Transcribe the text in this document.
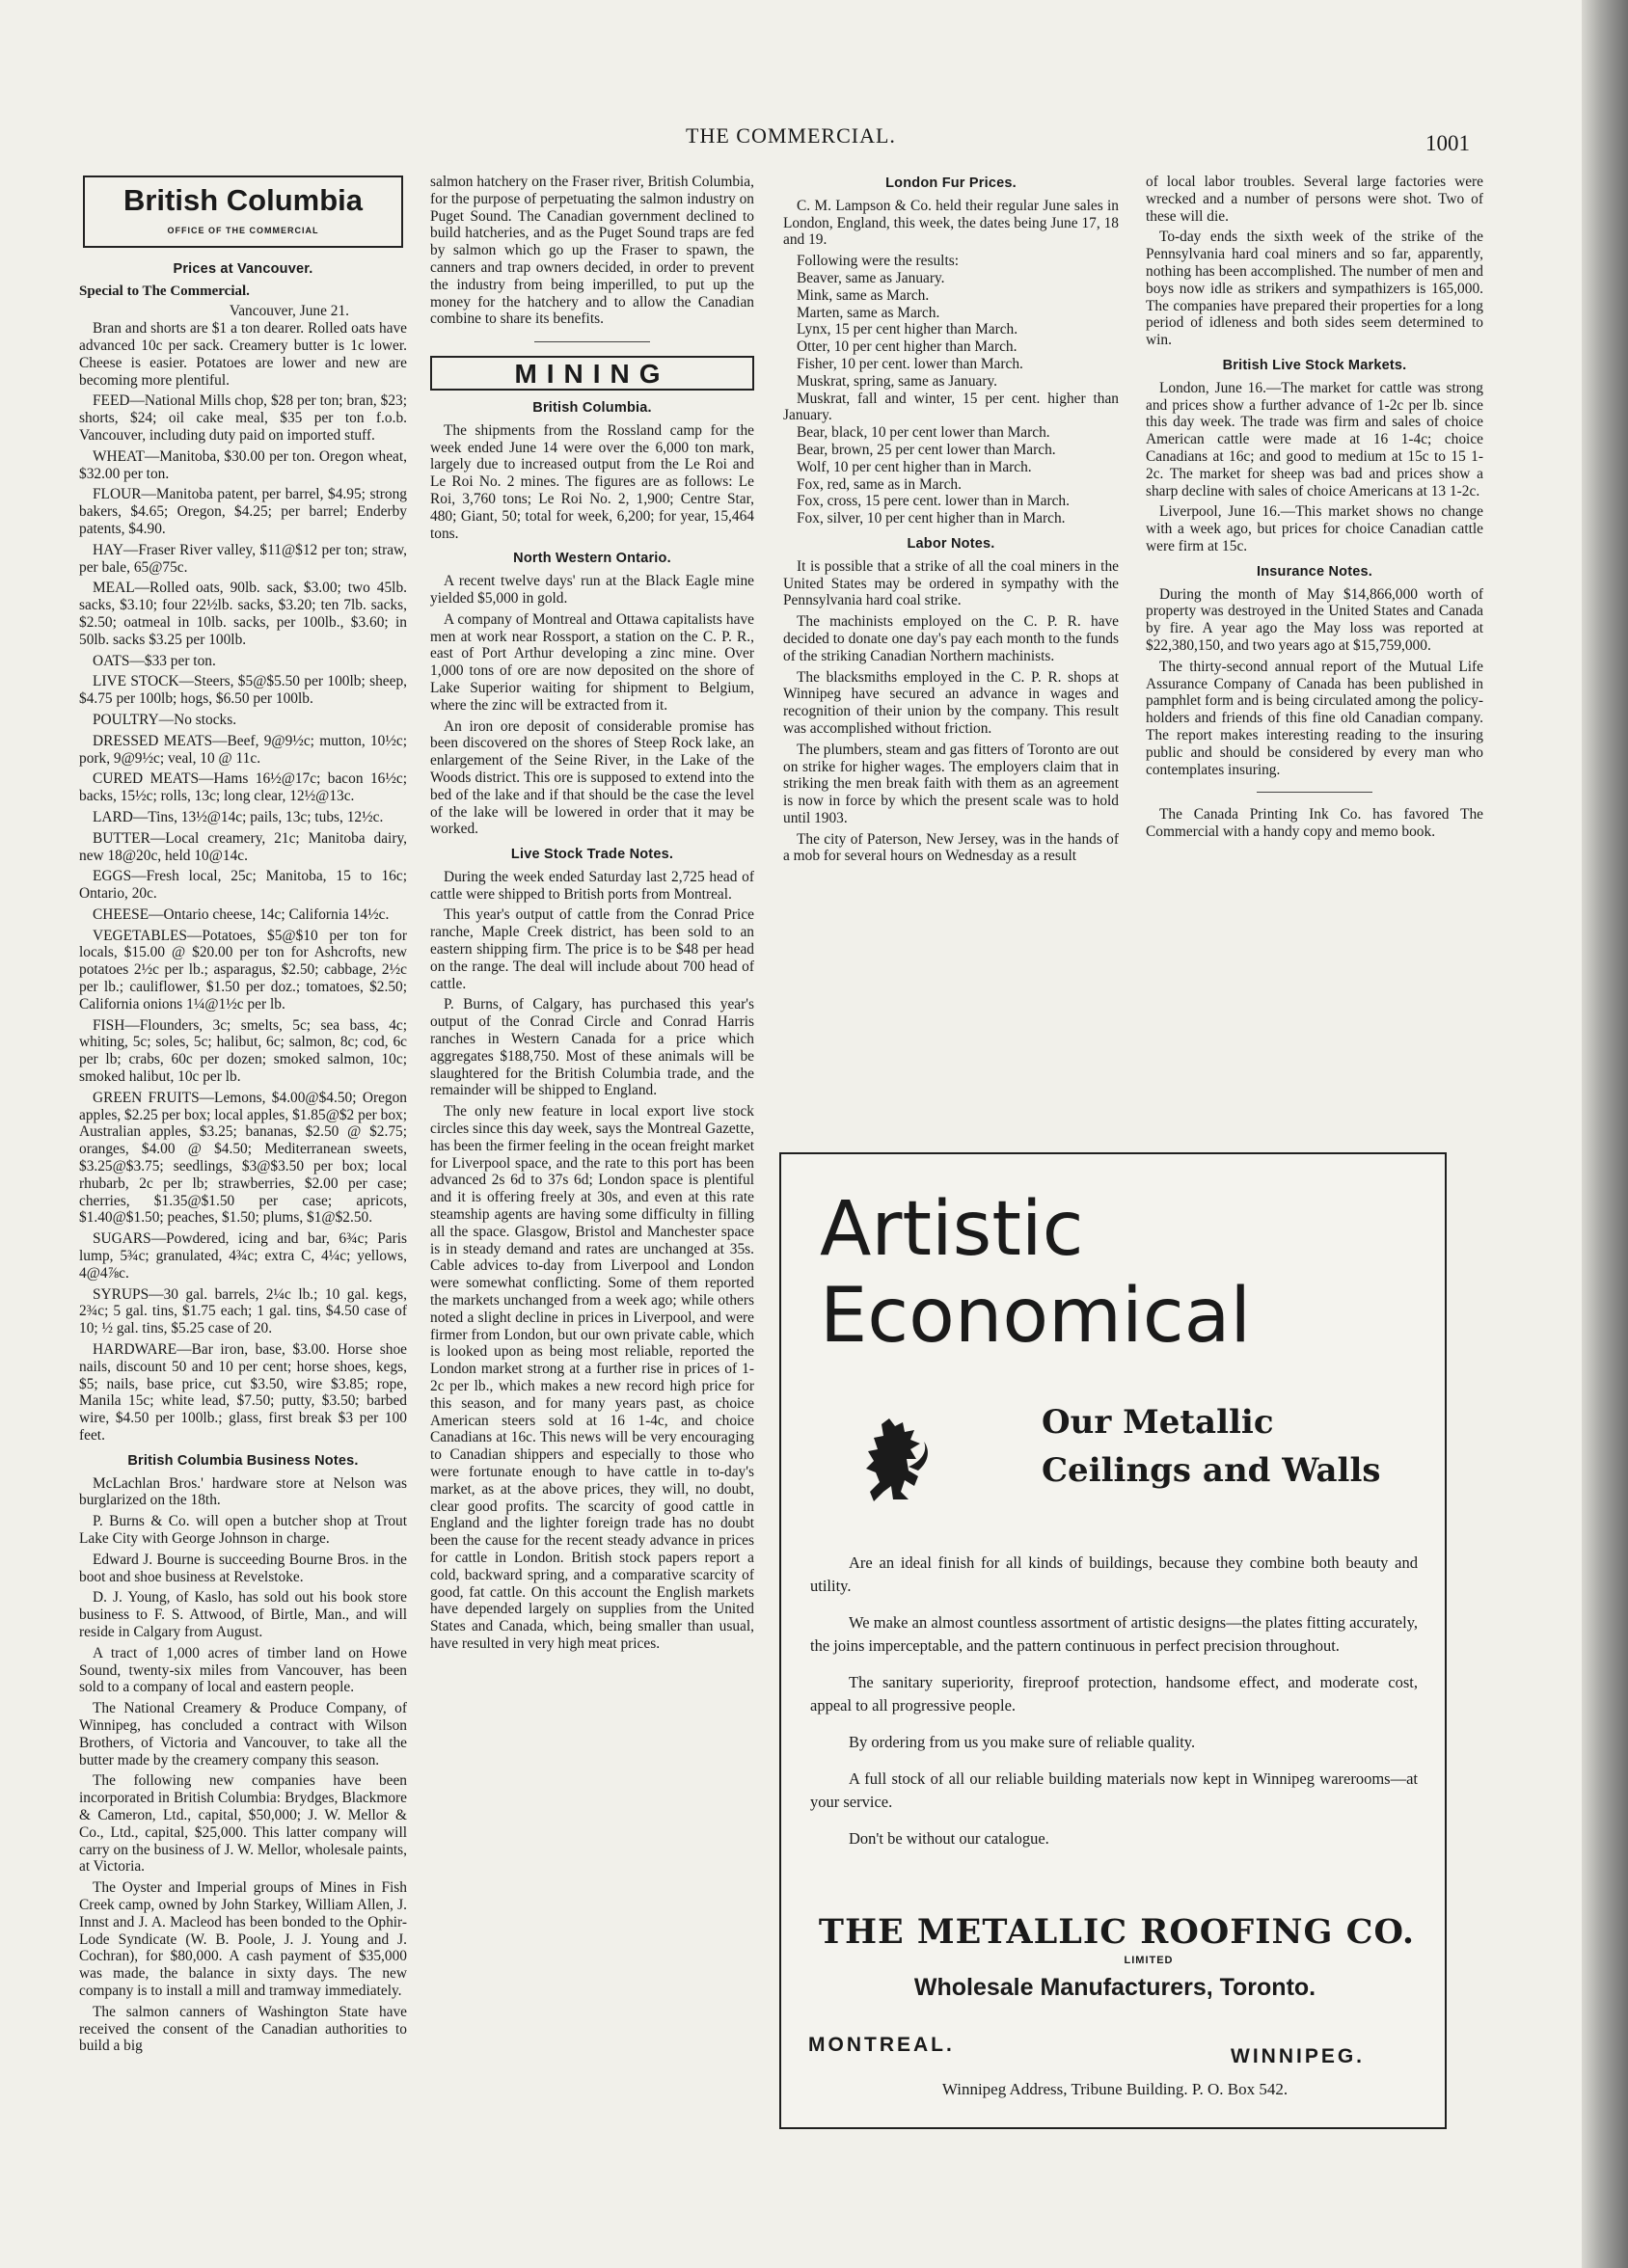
THE COMMERCIAL.	1001
British Columbia
OFFICE OF THE COMMERCIAL
Prices at Vancouver.
Special to The Commercial.
Vancouver, June 21.

Bran and shorts are $1 a ton dearer. Rolled oats have advanced 10c per sack. Creamery butter is 1c lower. Cheese is easier. Potatoes are lower and new are becoming more plentiful.

FEED—National Mills chop, $28 per ton; bran, $23; shorts, $24; oil cake meal, $35 per ton f.o.b. Vancouver, including duty paid on imported stuff.

WHEAT—Manitoba, $30.00 per ton. Oregon wheat, $32.00 per ton.

FLOUR—Manitoba patent, per barrel, $4.95; strong bakers, $4.65; Oregon, $4.25; per barrel; Enderby patents, $4.90.

HAY—Fraser River valley, $11@$12 per ton; straw, per bale, 65@75c.

MEAL—Rolled oats, 90lb. sack, $3.00; two 45lb. sacks, $3.10; four 22½lb. sacks, $3.20; ten 7lb. sacks, $2.50; oatmeal in 10lb. sacks, per 100lb., $3.60; in 50lb. sacks $3.25 per 100lb.

OATS—$33 per ton.

LIVE STOCK—Steers, $5@$5.50 per 100lb; sheep, $4.75 per 100lb; hogs, $6.50 per 100lb.

POULTRY—No stocks.

DRESSED MEATS—Beef, 9@9½c; mutton, 10½c; pork, 9@9½c; veal, 10 @ 11c.

CURED MEATS—Hams 16½@17c; bacon 16½c; backs, 15½c; rolls, 13c; long clear, 12½@13c.

LARD—Tins, 13½@14c; pails, 13c; tubs, 12½c.

BUTTER—Local creamery, 21c; Manitoba dairy, new 18@20c, held 10@14c.

EGGS—Fresh local, 25c; Manitoba, 15 to 16c; Ontario, 20c.

CHEESE—Ontario cheese, 14c; California 14½c.

VEGETABLES—Potatoes, $5@$10 per ton for locals, $15.00 @ $20.00 per ton for Ashcrofts, new potatoes 2½c per lb.; asparagus, $2.50; cabbage, 2½c per lb.; cauliflower, $1.50 per doz.; tomatoes, $2.50; California onions 1¼@1½c per lb.

FISH—Flounders, 3c; smelts, 5c; sea bass, 4c; whiting, 5c; soles, 5c; halibut, 6c; salmon, 8c; cod, 6c per lb; crabs, 60c per dozen; smoked salmon, 10c; smoked halibut, 10c per lb.

GREEN FRUITS—Lemons, $4.00@$4.50; Oregon apples, $2.25 per box; local apples, $1.85@$2 per box; Australian apples, $3.25; bananas, $2.50 @ $2.75; oranges, $4.00 @ $4.50; Mediterranean sweets, $3.25@$3.75; seedlings, $3@$3.50 per box; local rhubarb, 2c per lb; strawberries, $2.00 per case; cherries, $1.35@$1.50 per case; apricots, $1.40@$1.50; peaches, $1.50; plums, $1@$2.50.

SUGARS—Powdered, icing and bar, 6¾c; Paris lump, 5¾c; granulated, 4¾c; extra C, 4¼c; yellows, 4@4⅞c.

SYRUPS—30 gal. barrels, 2¼c lb.; 10 gal. kegs, 2¾c; 5 gal. tins, $1.75 each; 1 gal. tins, $4.50 case of 10; ½ gal. tins, $5.25 case of 20.

HARDWARE—Bar iron, base, $3.00. Horse shoe nails, discount 50 and 10 per cent; horse shoes, kegs, $5; nails, base price, cut $3.50, wire $3.85; rope, Manila 15c; white lead, $7.50; putty, $3.50; barbed wire, $4.50 per 100lb.; glass, first break $3 per 100 feet.

British Columbia Business Notes.

McLachlan Bros.' hardware store at Nelson was burglarized on the 18th.

P. Burns & Co. will open a butcher shop at Trout Lake City with George Johnson in charge.

Edward J. Bourne is succeeding Bourne Bros. in the boot and shoe business at Revelstoke.

D. J. Young, of Kaslo, has sold out his book store business to F. S. Attwood, of Birtle, Man., and will reside in Calgary from August.

A tract of 1,000 acres of timber land on Howe Sound, twenty-six miles from Vancouver, has been sold to a company of local and eastern people.

The National Creamery & Produce Company, of Winnipeg, has concluded a contract with Wilson Brothers, of Victoria and Vancouver, to take all the butter made by the creamery company this season.

The following new companies have been incorporated in British Columbia: Brydges, Blackmore & Cameron, Ltd., capital, $50,000; J. W. Mellor & Co., Ltd., capital, $25,000. This latter company will carry on the business of J. W. Mellor, wholesale paints, at Victoria.

The Oyster and Imperial groups of Mines in Fish Creek camp, owned by John Starkey, William Allen, J. Innst and J. A. Macleod has been bonded to the Ophir-Lode Syndicate (W. B. Poole, J. J. Young and J. Cochran), for $80,000. A cash payment of $35,000 was made, the balance in sixty days. The new company is to install a mill and tramway immediately.

The salmon canners of Washington State have received the consent of the Canadian authorities to build a big

salmon hatchery on the Fraser river, British Columbia, for the purpose of perpetuating the salmon industry on Puget Sound. The Canadian government declined to build hatcheries, and as the Puget Sound traps are fed by salmon which go up the Fraser to spawn, the canners and trap owners decided, in order to prevent the industry from being imperilled, to put up the money for the hatchery and to allow the Canadian combine to share its benefits.

MINING
British Columbia.

The shipments from the Rossland camp for the week ended June 14 were over the 6,000 ton mark, largely due to increased output from the Le Roi and Le Roi No. 2 mines. The figures are as follows: Le Roi, 3,760 tons; Le Roi No. 2, 1,900; Centre Star, 480; Giant, 50; total for week, 6,200; for year, 15,464 tons.

North Western Ontario.

A recent twelve days' run at the Black Eagle mine yielded $5,000 in gold.

A company of Montreal and Ottawa capitalists have men at work near Rossport, a station on the C. P. R., east of Port Arthur developing a zinc mine. Over 1,000 tons of ore are now deposited on the shore of Lake Superior waiting for shipment to Belgium, where the zinc will be extracted from it.

An iron ore deposit of considerable promise has been discovered on the shores of Steep Rock lake, an enlargement of the Seine River, in the Lake of the Woods district. This ore is supposed to extend into the bed of the lake and if that should be the case the level of the lake will be lowered in order that it may be worked.

Live Stock Trade Notes.

During the week ended Saturday last 2,725 head of cattle were shipped to British ports from Montreal.

This year's output of cattle from the Conrad Price ranche, Maple Creek district, has been sold to an eastern shipping firm. The price is to be $48 per head on the range. The deal will include about 700 head of cattle.

P. Burns, of Calgary, has purchased this year's output of the Conrad Circle and Conrad Harris ranches in Western Canada for a price which aggregates $188,750. Most of these animals will be slaughtered for the British Columbia trade, and the remainder will be shipped to England.

The only new feature in local export live stock circles since this day week, says the Montreal Gazette, has been the firmer feeling in the ocean freight market for Liverpool space, and the rate to this port has been advanced 2s 6d to 37s 6d; London space is plentiful and it is offering freely at 30s, and even at this rate steamship agents are having some difficulty in filling all the space. Glasgow, Bristol and Manchester space is in steady demand and rates are unchanged at 35s. Cable advices to-day from Liverpool and London were somewhat conflicting. Some of them reported the markets unchanged from a week ago; while others noted a slight decline in prices in Liverpool, and were firmer from London, but our own private cable, which is looked upon as being most reliable, reported the London market strong at a further rise in prices of 1-2c per lb., which makes a new record high price for this season, and for many years past, as choice American steers sold at 16 1-4c, and choice Canadians at 16c. This news will be very encouraging to Canadian shippers and especially to those who were fortunate enough to have cattle in to-day's market, as at the above prices, they will, no doubt, clear good profits. The scarcity of good cattle in England and the lighter foreign trade has no doubt been the cause for the recent steady advance in prices for cattle in London. British stock papers report a cold, backward spring, and a comparative scarcity of good, fat cattle. On this account the English markets have depended largely on supplies from the United States and Canada, which, being smaller than usual, have resulted in very high meat prices.

London Fur Prices.

C. M. Lampson & Co. held their regular June sales in London, England, this week, the dates being June 17, 18 and 19.

Following were the results:

Beaver, same as January.

Mink, same as March.

Marten, same as March.

Lynx, 15 per cent higher than March.

Otter, 10 per cent higher than March.

Fisher, 10 per cent. lower than March.

Muskrat, spring, same as January.

Muskrat, fall and winter, 15 per cent. higher than January.

Bear, black, 10 per cent lower than March.

Bear, brown, 25 per cent lower than March.

Wolf, 10 per cent higher than in March.

Fox, red, same as in March.

Fox, cross, 15 pere cent. lower than in March.

Fox, silver, 10 per cent higher than in March.

Labor Notes.

It is possible that a strike of all the coal miners in the United States may be ordered in sympathy with the Pennsylvania hard coal strike.

The machinists employed on the C. P. R. have decided to donate one day's pay each month to the funds of the striking Canadian Northern machinists.

The blacksmiths employed in the C. P. R. shops at Winnipeg have secured an advance in wages and recognition of their union by the company. This result was accomplished without friction.

The plumbers, steam and gas fitters of Toronto are out on strike for higher wages. The employers claim that in striking the men break faith with them as an agreement is now in force by which the present scale was to hold until 1903.

The city of Paterson, New Jersey, was in the hands of a mob for several hours on Wednesday as a result

of local labor troubles. Several large factories were wrecked and a number of persons were shot. Two of these will die.

To-day ends the sixth week of the strike of the Pennsylvania hard coal miners and so far, apparently, nothing has been accomplished. The number of men and boys now idle as strikers and sympathizers is 165,000. The companies have prepared their properties for a long period of idleness and both sides seem determined to win.

British Live Stock Markets.

London, June 16.—The market for cattle was strong and prices show a further advance of 1-2c per lb. since this day week. The trade was firm and sales of choice American cattle were made at 16 1-4c; choice Canadians at 16c; and good to medium at 15c to 15 1-2c. The market for sheep was bad and prices show a sharp decline with sales of choice Americans at 13 1-2c.

Liverpool, June 16.—This market shows no change with a week ago, but prices for choice Canadian cattle were firm at 15c.

Insurance Notes.

During the month of May $14,866,000 worth of property was destroyed in the United States and Canada by fire. A year ago the May loss was reported at $22,380,150, and two years ago at $15,759,000.

The thirty-second annual report of the Mutual Life Assurance Company of Canada has been published in pamphlet form and is being circulated among the policy-holders and friends of this fine old Canadian company. The report makes interesting reading to the insuring public and should be considered by every man who contemplates insuring.

The Canada Printing Ink Co. has favored The Commercial with a handy copy and memo book.

Artistic
Economical
Our Metallic
Ceilings and Walls

Are an ideal finish for all kinds of buildings, because they combine both beauty and utility.

We make an almost countless assortment of artistic designs—the plates fitting accurately, the joins imperceptable, and the pattern continuous in perfect precision throughout.

The sanitary superiority, fireproof protection, handsome effect, and moderate cost, appeal to all progressive people.

By ordering from us you make sure of reliable quality.

A full stock of all our reliable building materials now kept in Winnipeg warerooms—at your service.

Don't be without our catalogue.

THE METALLIC ROOFING CO.
LIMITED
Wholesale Manufacturers, Toronto.
MONTREAL.
WINNIPEG.
Winnipeg Address, Tribune Building. P. O. Box 542.
